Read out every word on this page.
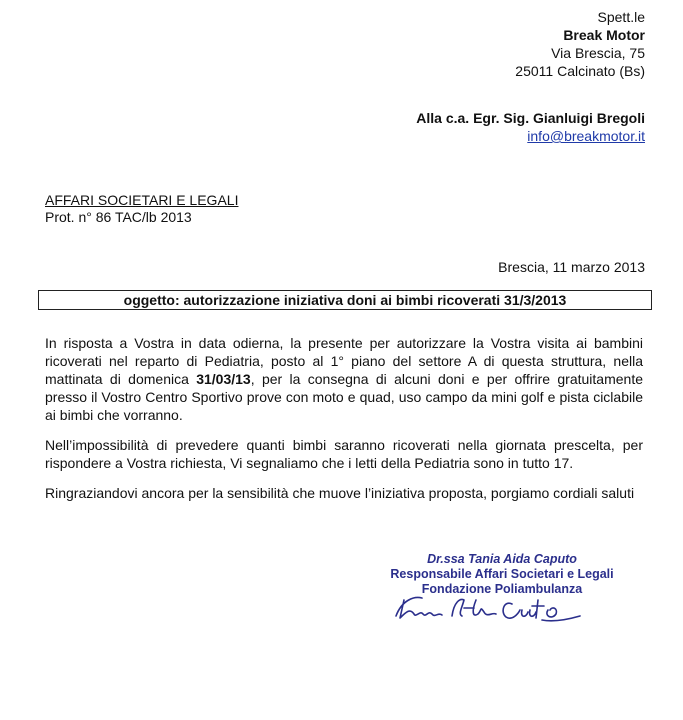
Spett.le
Break Motor
Via Brescia, 75
25011 Calcinato (Bs)
Alla c.a. Egr. Sig. Gianluigi Bregoli
info@breakmotor.it
AFFARI SOCIETARI E LEGALI
Prot. n° 86 TAC/lb 2013
Brescia, 11 marzo 2013
oggetto: autorizzazione iniziativa doni ai bimbi ricoverati 31/3/2013

In risposta a Vostra in data odierna, la presente per autorizzare la Vostra visita ai bambini ricoverati nel reparto di Pediatria, posto al 1° piano del settore A di questa struttura, nella mattinata di domenica 31/03/13, per la consegna di alcuni doni e per offrire gratuitamente presso il Vostro Centro Sportivo prove con moto e quad, uso campo da mini golf e pista ciclabile ai bimbi che vorranno.

Nell’impossibilità di prevedere quanti bimbi saranno ricoverati nella giornata prescelta, per rispondere a Vostra richiesta, Vi segnaliamo che i letti della Pediatria sono in tutto 17.

Ringraziandovi ancora per la sensibilità che muove l’iniziativa proposta, porgiamo cordiali saluti

Dr.ssa Tania Aida Caputo
Responsabile Affari Societari e Legali
Fondazione Poliambulanza
